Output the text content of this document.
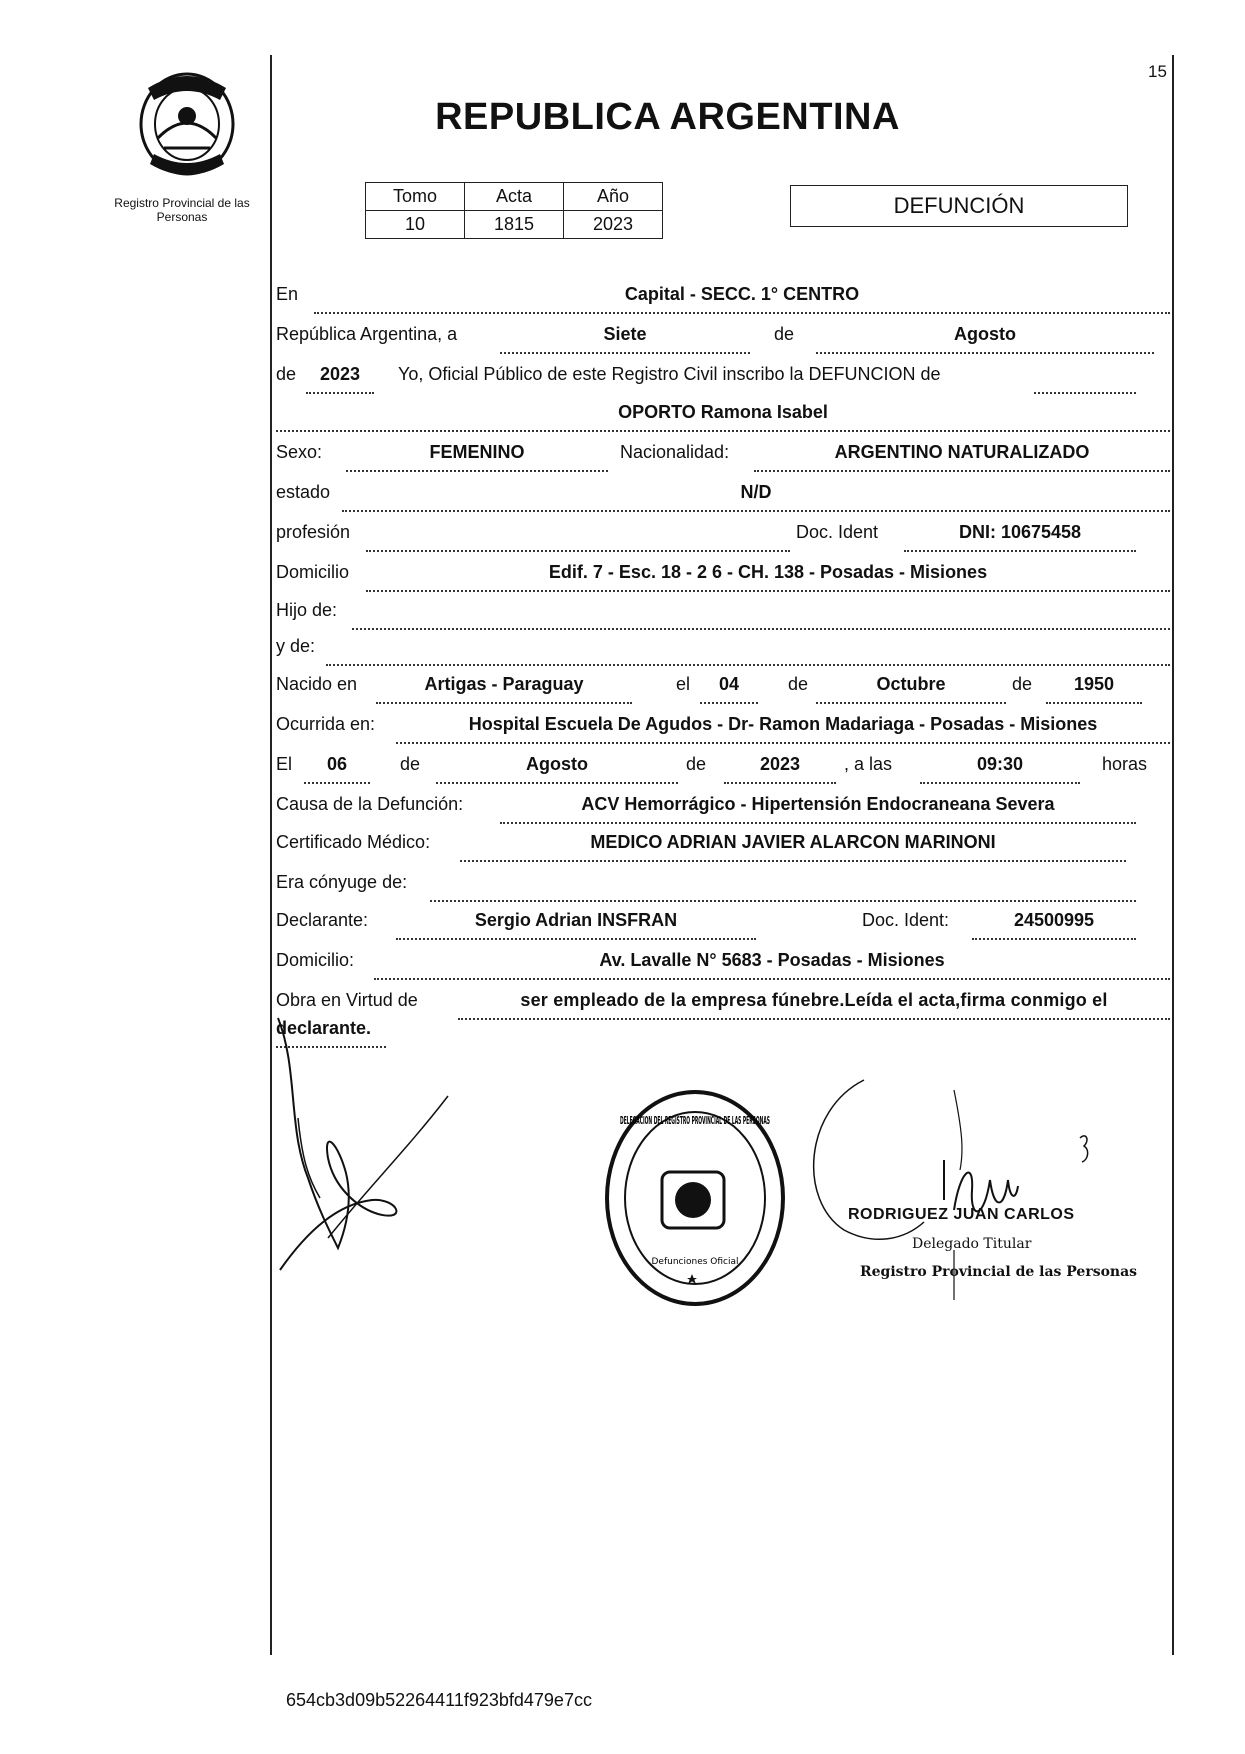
15
Registro Provincial de las Personas
REPUBLICA ARGENTINA
Tomo	Acta	Año
10	1815	2023
DEFUNCIÓN
En	Capital - SECC. 1° CENTRO
República Argentina, a	Siete	de	Agosto
de	2023	Yo, Oficial Público de este Registro Civil inscribo la DEFUNCION de
OPORTO Ramona Isabel
Sexo:	FEMENINO	Nacionalidad:	ARGENTINO NATURALIZADO
estado	N/D
profesión	Doc. Ident	DNI: 10675458
Domicilio	Edif. 7 - Esc. 18 - 2 6 - CH. 138 - Posadas - Misiones
Hijo de:
y de:
Nacido en	Artigas - Paraguay	el	04	de	Octubre	de	1950
Ocurrida en:	Hospital Escuela De Agudos - Dr- Ramon Madariaga - Posadas - Misiones
El	06	de	Agosto	de	2023	, a las	09:30	horas
Causa de la Defunción:	ACV Hemorrágico - Hipertensión Endocraneana Severa
Certificado Médico:	MEDICO ADRIAN JAVIER ALARCON MARINONI
Era cónyuge de:
Declarante:	Sergio Adrian INSFRAN	Doc. Ident:	24500995
Domicilio:	Av. Lavalle N° 5683 - Posadas - Misiones
Obra en Virtud de	ser empleado de la empresa fúnebre.Leída el acta,firma conmigo el
declarante.
DELEGACION DEL REGISTRO PROVINCIAL DE LAS PERSONAS
Defunciones Oficial
RODRIGUEZ JUAN CARLOS
Delegado Titular
Registro Provincial de las Personas
654cb3d09b52264411f923bfd479e7cc
